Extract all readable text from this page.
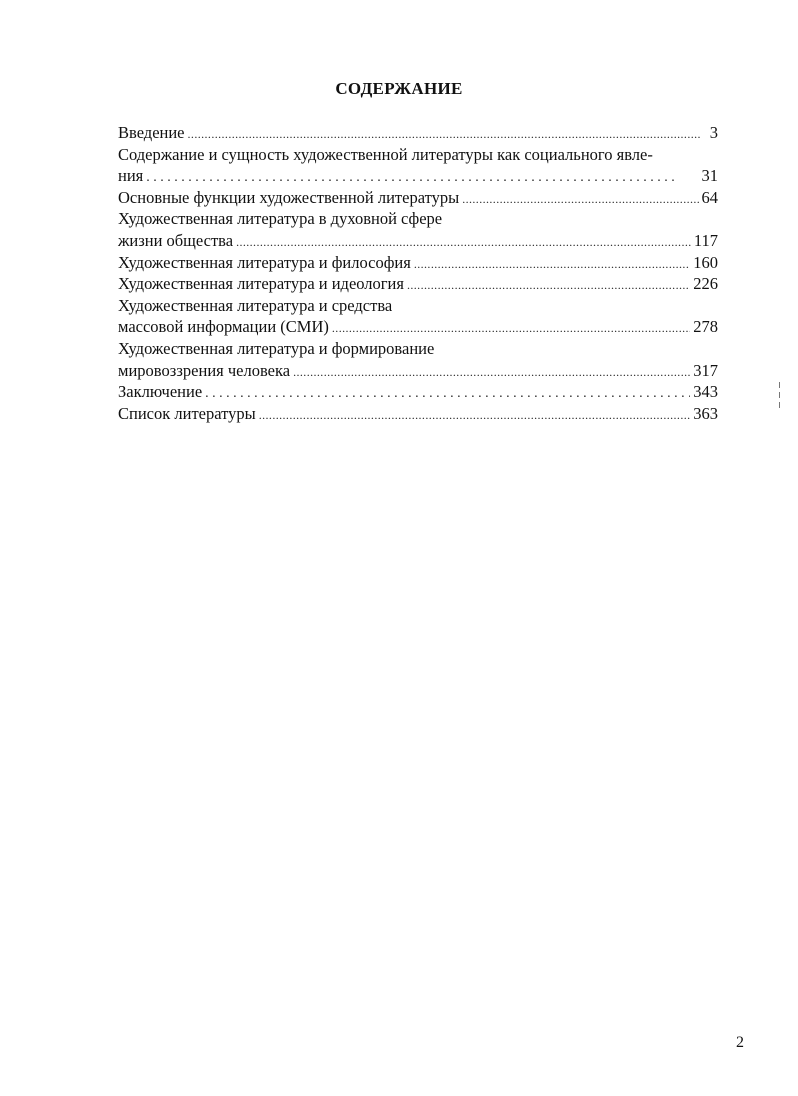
СОДЕРЖАНИЕ
Введение .....	3
Содержание и сущность художественной литературы как социального явле-
ния . . .	31
Основные функции художественной литературы .....	64
Художественная литература в духовной сфере
жизни общества .....	117
Художественная литература и философия .....	160
Художественная литература и идеология .....	226
Художественная литература и средства
массовой информации (СМИ) .....	278
Художественная литература и формирование
мировоззрения человека .....	317
Заключение . . .	343
Список литературы .....	363
2
